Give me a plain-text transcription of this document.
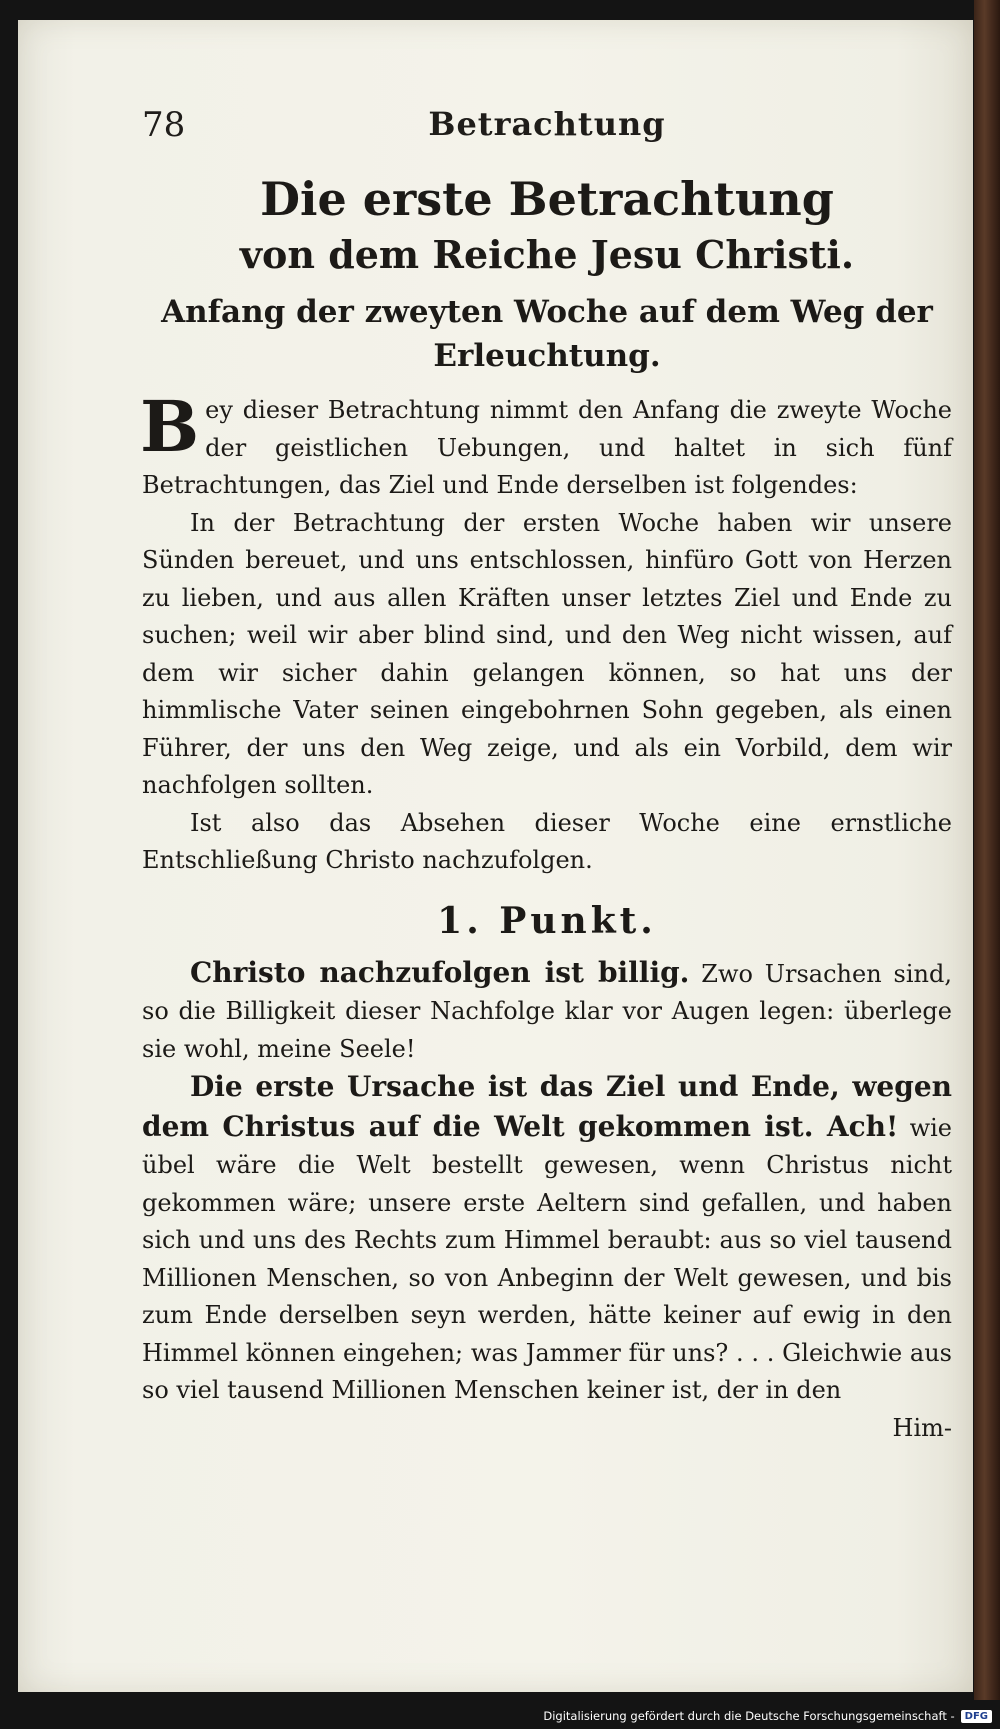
78	Betrachtung
Die erste Betrachtung
von dem Reiche Jesu Christi.
Anfang der zweyten Woche auf dem Weg der Erleuchtung.

Bey dieser Betrachtung nimmt den Anfang die zweyte Woche der geistlichen Uebungen, und haltet in sich fünf Betrachtungen, das Ziel und Ende derselben ist folgendes:

In der Betrachtung der ersten Woche haben wir unsere Sünden bereuet, und uns entschlossen, hinfüro Gott von Herzen zu lieben, und aus allen Kräften unser letztes Ziel und Ende zu suchen; weil wir aber blind sind, und den Weg nicht wissen, auf dem wir sicher dahin gelangen können, so hat uns der himmlische Vater seinen eingebohrnen Sohn gegeben, als einen Führer, der uns den Weg zeige, und als ein Vorbild, dem wir nachfolgen sollten.

Ist also das Absehen dieser Woche eine ernstliche Entschließung Christo nachzufolgen.

1. Punkt.

Christo nachzufolgen ist billig. Zwo Ursachen sind, so die Billigkeit dieser Nachfolge klar vor Augen legen: überlege sie wohl, meine Seele!

Die erste Ursache ist das Ziel und Ende, wegen dem Christus auf die Welt gekommen ist. Ach! wie übel wäre die Welt bestellt gewesen, wenn Christus nicht gekommen wäre; unsere erste Aeltern sind gefallen, und haben sich und uns des Rechts zum Himmel beraubt: aus so viel tausend Millionen Menschen, so von Anbeginn der Welt gewesen, und bis zum Ende derselben seyn werden, hätte keiner auf ewig in den Himmel können eingehen; was Jammer für uns? . . . Gleichwie aus so viel tausend Millionen Menschen keiner ist, der in den

Him-

Digitalisierung gefördert durch die Deutsche Forschungsgemeinschaft -	DFG
